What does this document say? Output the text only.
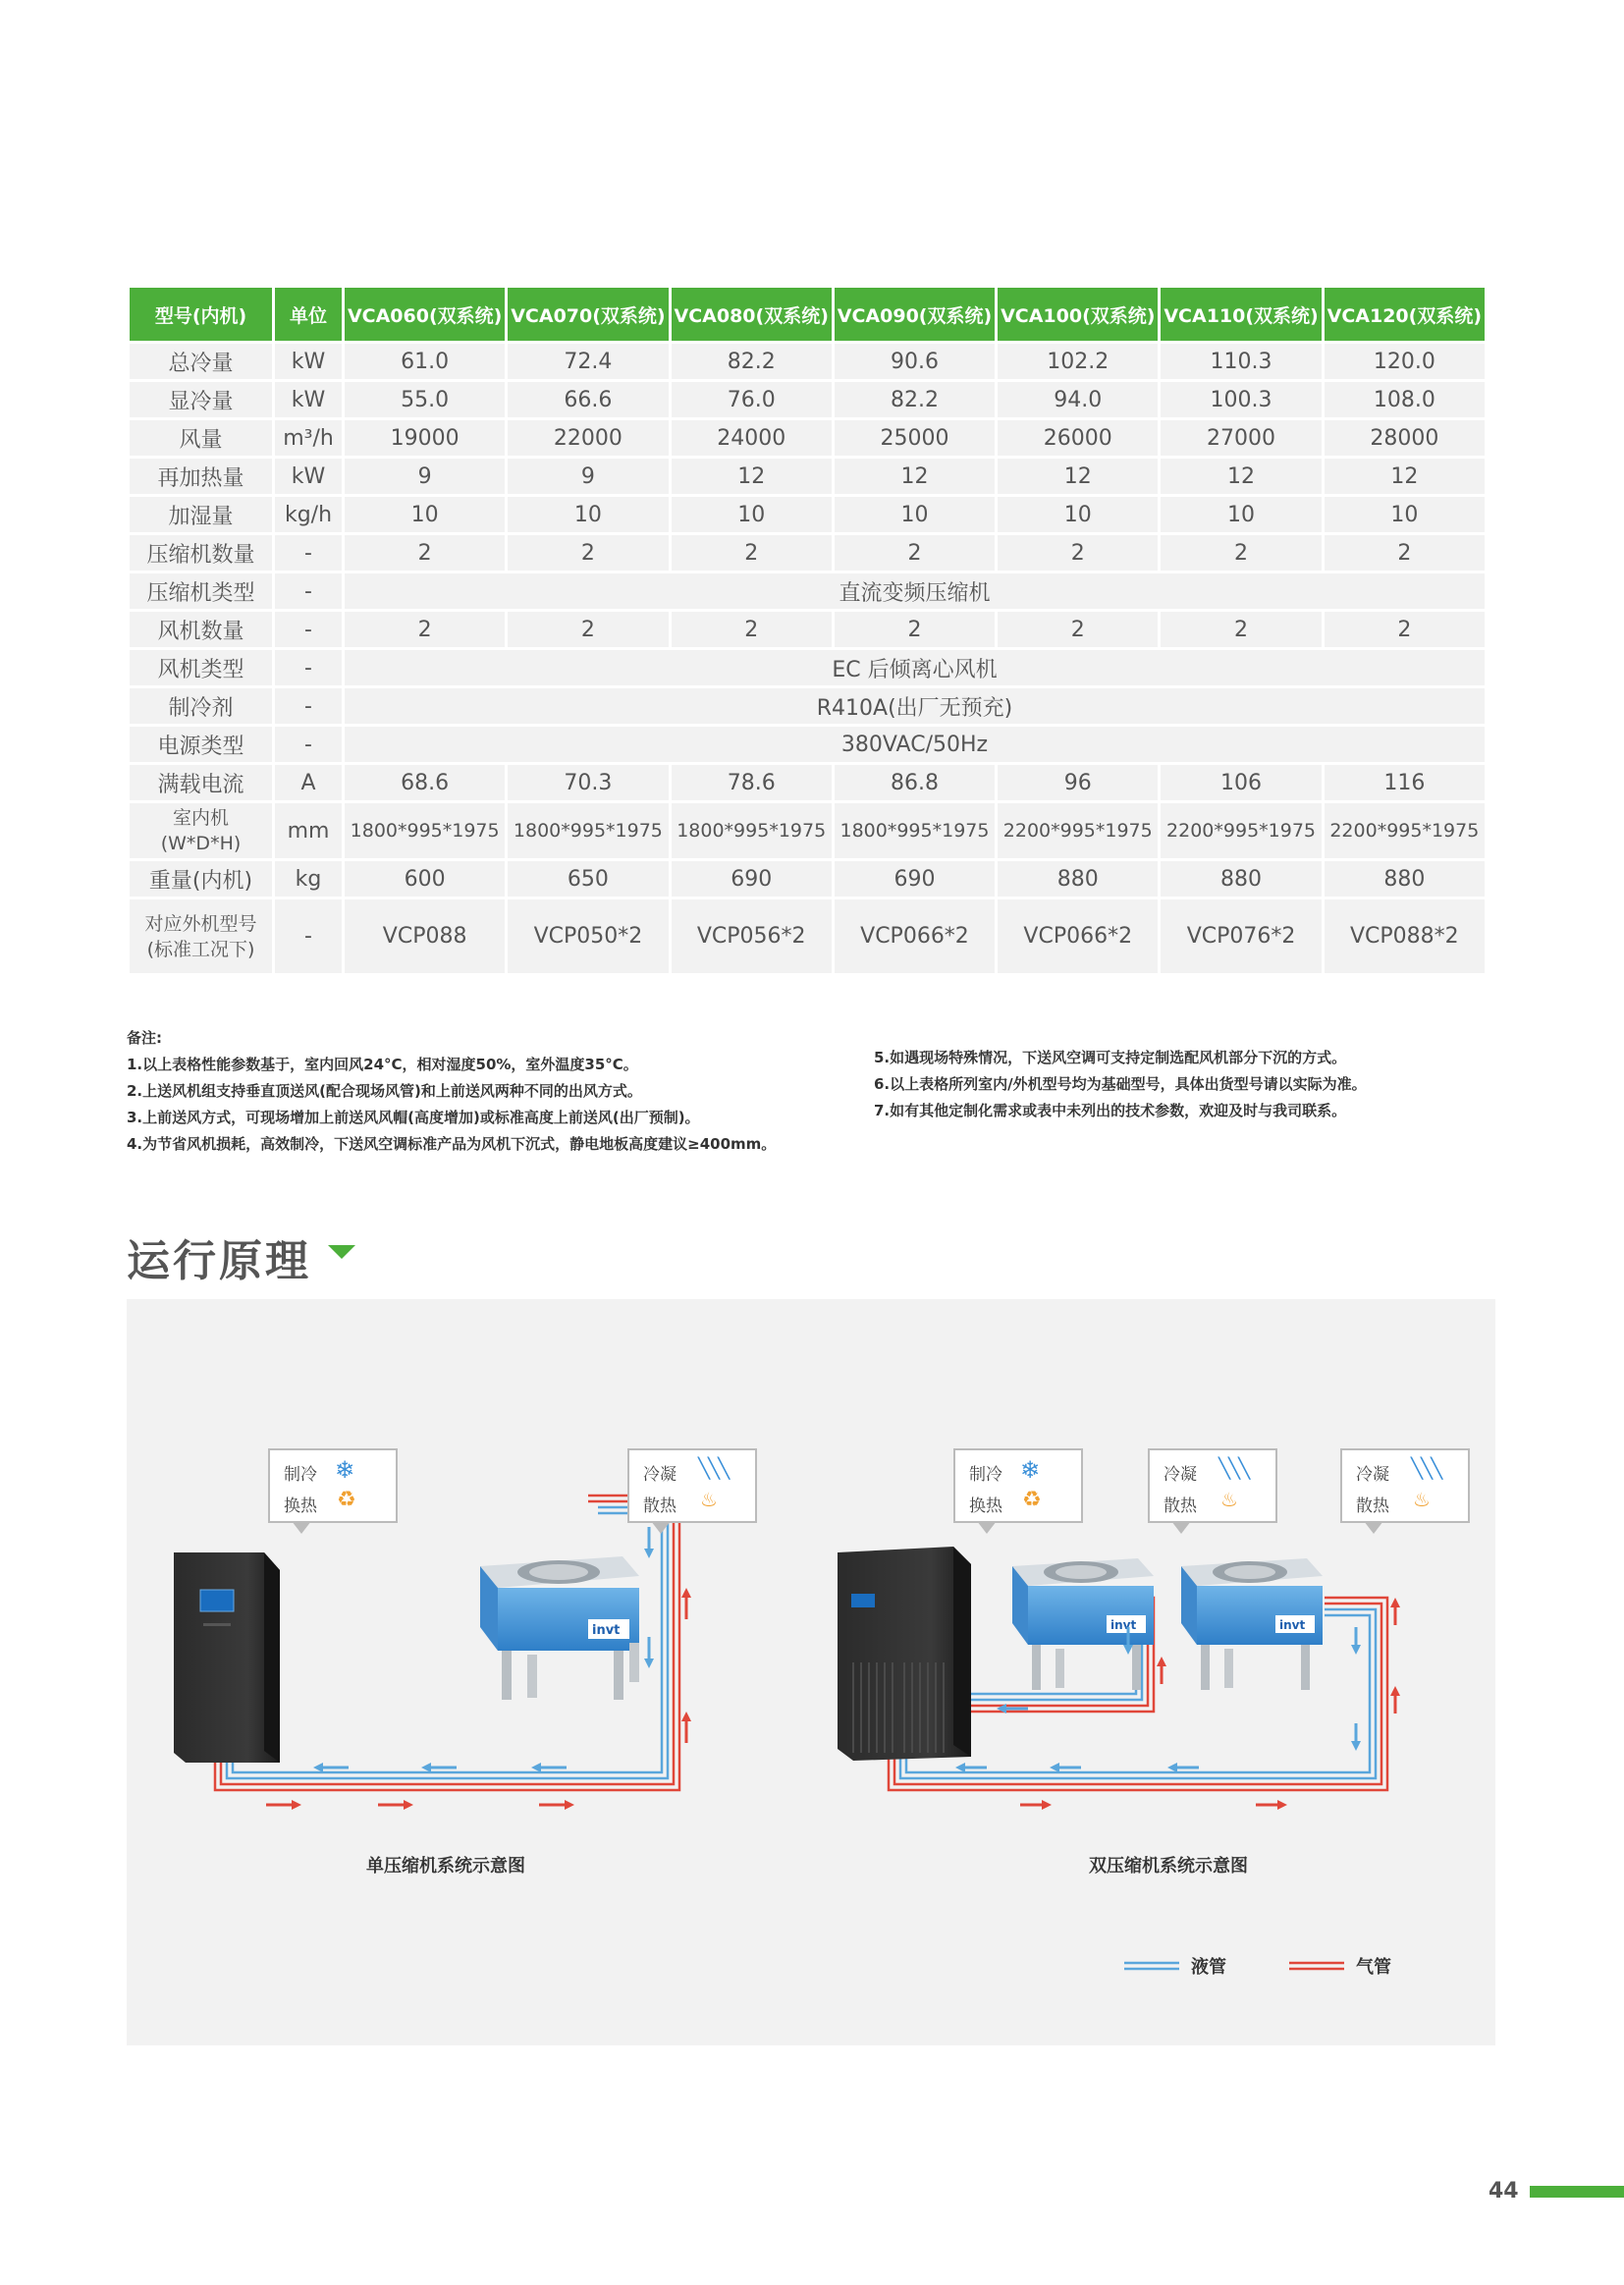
型号(内机)	单位	VCA060(双系统)	VCA070(双系统)	VCA080(双系统)	VCA090(双系统)	VCA100(双系统)	VCA110(双系统)	VCA120(双系统)
总冷量	kW	61.0	72.4	82.2	90.6	102.2	110.3	120.0
显冷量	kW	55.0	66.6	76.0	82.2	94.0	100.3	108.0
风量	m³/h	19000	22000	24000	25000	26000	27000	28000
再加热量	kW	9	9	12	12	12	12	12
加湿量	kg/h	10	10	10	10	10	10	10
压缩机数量	-	2	2	2	2	2	2	2
压缩机类型	-	直流变频压缩机						
风机数量	-	2	2	2	2	2	2	2
风机类型	-	EC 后倾离心风机						
制冷剂	-	R410A(出厂无预充)						
电源类型	-	380VAC/50Hz						
满载电流	A	68.6	70.3	78.6	86.8	96	106	116

室内机
(W*D*H)	mm	1800*995*1975	1800*995*1975	1800*995*1975	1800*995*1975	2200*995*1975	2200*995*1975	2200*995*1975
重量(内机)	kg	600	650	690	690	880	880	880

对应外机型号
(标准工况下)	-	VCP088	VCP050*2	VCP056*2	VCP066*2	VCP066*2	VCP076*2	VCP088*2
备注:
1.以上表格性能参数基于，室内回风24°C，相对湿度50%，室外温度35°C。
2.上送风机组支持垂直顶送风(配合现场风管)和上前送风两种不同的出风方式。
3.上前送风方式，可现场增加上前送风风帽(高度增加)或标准高度上前送风(出厂预制)。
4.为节省风机损耗，高效制冷，下送风空调标准产品为风机下沉式，静电地板高度建议≥400mm。
5.如遇现场特殊情况，下送风空调可支持定制选配风机部分下沉的方式。
6.以上表格所列室内/外机型号均为基础型号，具体出货型号请以实际为准。
7.如有其他定制化需求或表中未列出的技术参数，欢迎及时与我司联系。
运行原理
invt	invt	invt
制冷 ❄
换热 ♻
冷凝 ╲╲╲
散热 ♨
制冷 ❄
换热 ♻
冷凝 ╲╲╲
散热 ♨
冷凝 ╲╲╲
散热 ♨
单压缩机系统示意图	双压缩机系统示意图
液管	气管
44
